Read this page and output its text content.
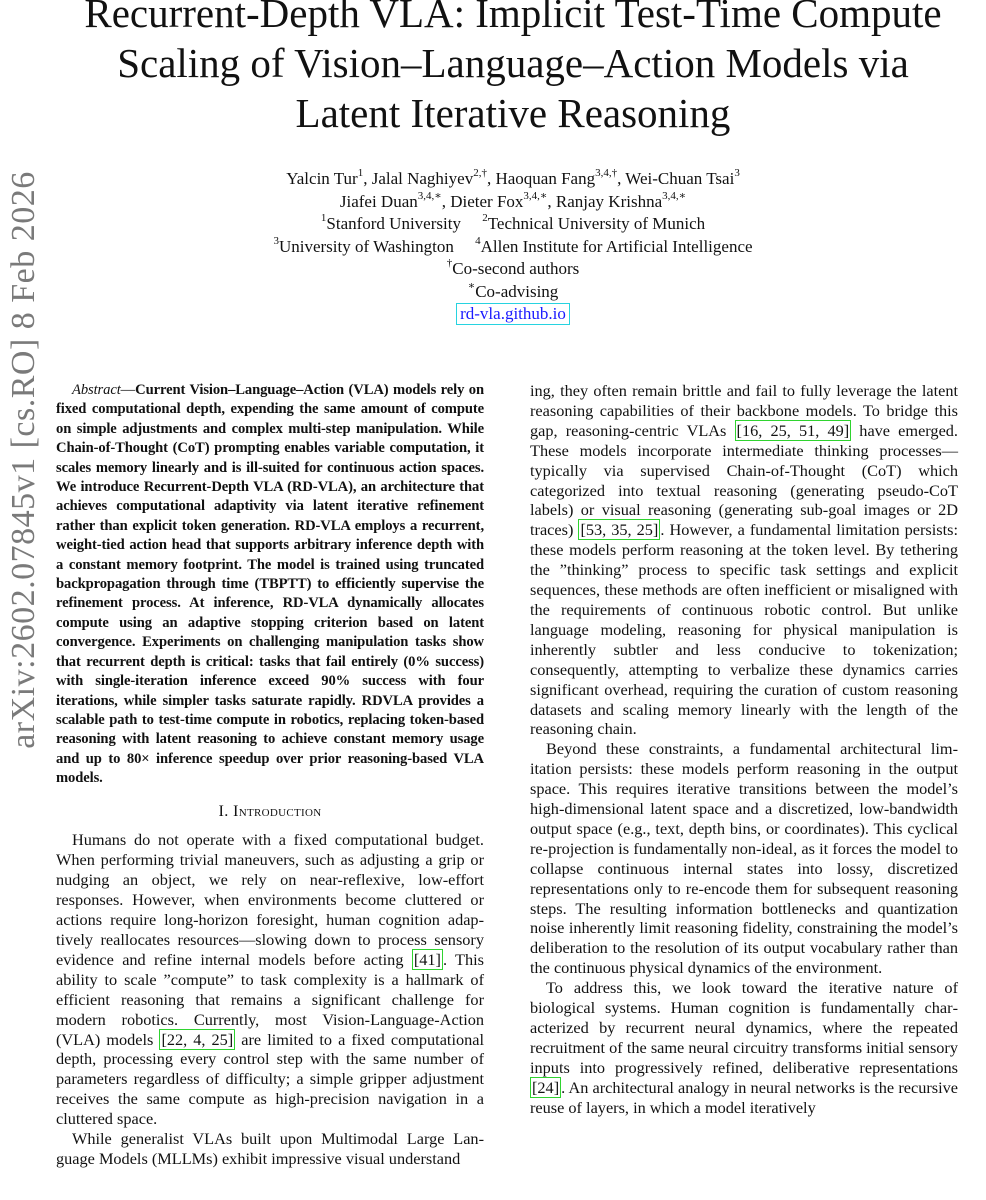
arXiv:2602.07845v1 [cs.RO] 8 Feb 2026
Recurrent-Depth VLA: Implicit Test-Time Compute
Scaling of Vision–Language–Action Models via
Latent Iterative Reasoning
Yalcin Tur$^1$, Jalal Naghiyev$^{2,\dagger}$, Haoquan Fang$^{3,4,\dagger}$, Wei-Chuan Tsai$^3$
Jiafei Duan$^{3,4,∗}$, Dieter Fox$^{3,4,∗}$, Ranjay Krishna$^{3,4,∗}$
$^1$Stanford University $^2$Technical University of Munich
$^3$University of Washington $^4$Allen Institute for Artificial Intelligence
†Co-second authors
∗Co-advising
rd-vla.github.io

Abstract—Current Vision–Language–Action (VLA) models rely on fixed computational depth, expending the same amount of compute on simple adjustments and complex multi-step manipulation. While Chain-of-Thought (CoT) prompting enables variable computation, it scales memory linearly and is ill-suited for continuous action spaces. We introduce Recurrent-Depth VLA (RD-VLA), an architecture that achieves computational adaptivity via latent iterative refinement rather than explicit token generation. RD-VLA employs a recurrent, weight-tied action head that supports arbitrary inference depth with a constant memory footprint. The model is trained using truncated backpropagation through time (TBPTT) to efficiently supervise the refinement process. At inference, RD-VLA dynamically allocates compute using an adaptive stopping criterion based on latent convergence. Experiments on challenging manipulation tasks show that recurrent depth is critical: tasks that fail entirely (0% success) with single-iteration inference exceed 90% success with four iterations, while simpler tasks saturate rapidly. RDVLA provides a scalable path to test-time compute in robotics, replacing token-based reasoning with latent reasoning to achieve constant memory usage and up to 80× inference speedup over prior reasoning-based VLA models.

I. Introduction

Humans do not operate with a fixed computational budget. When performing trivial maneuvers, such as adjusting a grip or nudging an object, we rely on near-reflexive, low-effort responses. However, when environments become cluttered or actions require long-horizon foresight, human cognition adaptively reallocates resources—slowing down to process sensory evidence and refine internal models before acting [41] . This ability to scale ”compute” to task complexity is a hallmark of efficient reasoning that remains a significant challenge for modern robotics. Currently, most Vision-Language-Action (VLA) models [22, 4, 25] are limited to a fixed computational depth, processing every control step with the same number of parameters regardless of difficulty; a simple gripper adjustment receives the same compute as high-precision navigation in a cluttered space.

While generalist VLAs built upon Multimodal Large Language Models (MLLMs) exhibit impressive visual understand

ing, they often remain brittle and fail to fully leverage the latent reasoning capabilities of their backbone models. To bridge this gap, reasoning-centric VLAs [16, 25, 51, 49] have emerged. These models incorporate intermediate thinking processes—typically via supervised Chain-of-Thought (CoT) which categorized into textual reasoning (generating pseudo-CoT labels) or visual reasoning (generating sub-goal images or 2D traces) [53, 35, 25] . However, a fundamental limitation persists: these models perform reasoning at the token level. By tethering the ”thinking” process to specific task settings and explicit sequences, these methods are often inefficient or misaligned with the requirements of continuous robotic control. But unlike language modeling, reasoning for physical manipulation is inherently subtler and less conducive to tokenization; consequently, attempting to verbalize these dynamics carries significant overhead, requiring the curation of custom reasoning datasets and scaling memory linearly with the length of the reasoning chain.

Beyond these constraints, a fundamental architectural limitation persists: these models perform reasoning in the output space. This requires iterative transitions between the model’s high-dimensional latent space and a discretized, low-bandwidth output space (e.g., text, depth bins, or coordinates). This cyclical re-projection is fundamentally non-ideal, as it forces the model to collapse continuous internal states into lossy, discretized representations only to re-encode them for subsequent reasoning steps. The resulting information bottlenecks and quantization noise inherently limit reasoning fidelity, constraining the model’s deliberation to the resolution of its output vocabulary rather than the continuous physical dynamics of the environment.

To address this, we look toward the iterative nature of biological systems. Human cognition is fundamentally characterized by recurrent neural dynamics, where the repeated recruitment of the same neural circuitry transforms initial sensory inputs into progressively refined, deliberative representations [24] . An architectural analogy in neural networks is the recursive reuse of layers, in which a model iteratively
